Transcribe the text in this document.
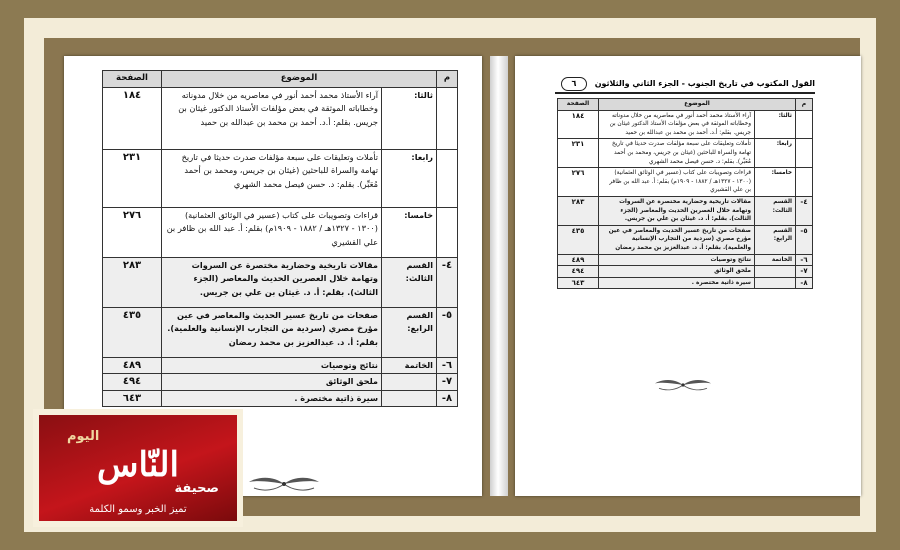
م	الموضوع		الصفحة
	ثالثا:	آراء الأستاذ محمد أحمد أنور في معاصريه من خلال مدوناته وخطاباته الموثقة في بعض مؤلفات الأستاذ الدكتور غيثان بن جريس. بقلم: أ.د. أحمد بن محمد بن عبدالله بن حميد	١٨٤
	رابعا:	تأملات وتعليقات على سبعة مؤلفات صدرت حديثا في تاريخ تهامة والسراة للباحثين (غيثان بن جريس، ومحمد بن أحمد مُعَبِّر). بقلم: د. حسن فيصل محمد الشهري	٢٣١
	خامسا:	قراءات وتصويبات على كتاب (عسير في الوثائق العثمانية) (١٣٠٠ - ١٣٢٧هـ / ١٨٨٢ - ١٩٠٩م) بقلم: أ. عبد الله بن ظافر بن علي القشيري	٢٧٦
٤-	القسم الثالث:	مقالات تاريخية وحضارية مختصرة عن السروات وتهامة خلال العصرين الحديث والمعاصر (الجزء الثالث). بقلم: أ. د. غيثان بن علي بن جريس.	٢٨٣
٥-	القسم الرابع:	صفحات من تاريخ عسير الحديث والمعاصر في عين مؤرخ مصري (سردية من التجارب الإنسانية والعلمية). بقلم: أ. د. عبدالعزيز بن محمد رمضان	٤٣٥
٦-	الخاتمة	نتائج وتوصيات	٤٨٩
٧-		ملحق الوثائق	٤٩٤
٨-		سيرة ذاتية مختصرة .	٦٤٣
القول المكتوب في تاريخ الجنوب - الجزء الثاني والثلاثون
٦
م	الموضوع		الصفحة
	ثالثا:	آراء الأستاذ محمد أحمد أنور في معاصريه من خلال مدوناته وخطاباته الموثقة في بعض مؤلفات الأستاذ الدكتور غيثان بن جريس. بقلم: أ.د. أحمد بن محمد بن عبدالله بن حميد	١٨٤
	رابعا:	تأملات وتعليقات على سبعة مؤلفات صدرت حديثا في تاريخ تهامة والسراة للباحثين (غيثان بن جريس، ومحمد بن أحمد مُعَبِّر). بقلم: د. حسن فيصل محمد الشهري	٢٣١
	خامسا:	قراءات وتصويبات على كتاب (عسير في الوثائق العثمانية) (١٣٠٠ - ١٣٢٧هـ / ١٨٨٢ - ١٩٠٩م) بقلم: أ. عبد الله بن ظافر بن علي القشيري	٢٧٦
٤-	القسم الثالث:	مقالات تاريخية وحضارية مختصرة عن السروات وتهامة خلال العصرين الحديث والمعاصر (الجزء الثالث). بقلم: أ. د. غيثان بن علي بن جريس.	٢٨٣
٥-	القسم الرابع:	صفحات من تاريخ عسير الحديث والمعاصر في عين مؤرخ مصري (سردية من التجارب الإنسانية والعلمية). بقلم: أ. د. عبدالعزيز بن محمد رمضان	٤٣٥
٦-	الخاتمة	نتائج وتوصيات	٤٨٩
٧-		ملحق الوثائق	٤٩٤
٨-		سيرة ذاتية مختصرة .	٦٤٣
اليوم
النّاس
صحيفة
تميز الخبر وسمو الكلمة
